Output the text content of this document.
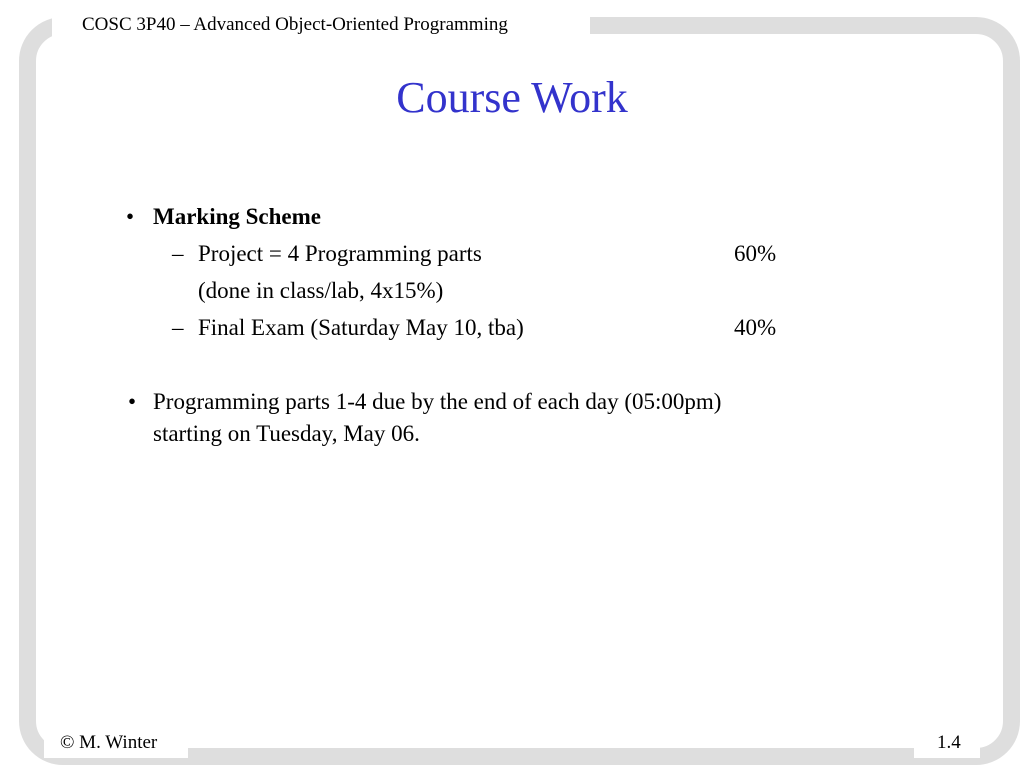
COSC 3P40 – Advanced Object-Oriented Programming
Course Work
• Marking Scheme
– Project = 4 Programming parts	60%
(done in class/lab, 4x15%)
– Final Exam (Saturday May 10, tba)	40%
• Programming parts 1-4 due by the end of each day (05:00pm)
starting on Tuesday, May 06.
© M. Winter	1.4
